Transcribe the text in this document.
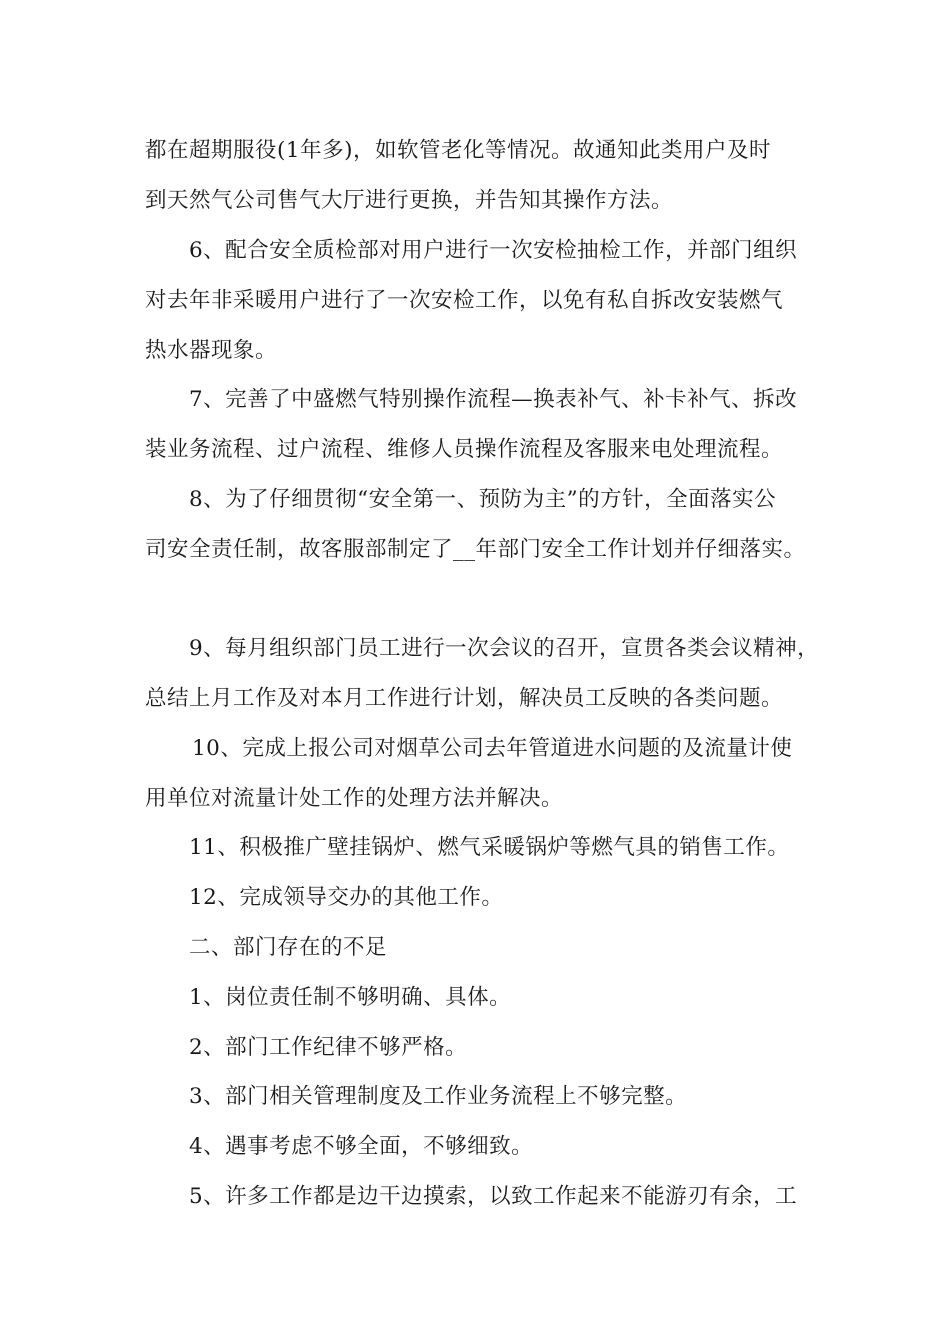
都在超期服役(1年多)，如软管老化等情况。故通知此类用户及时

到天然气公司售气大厅进行更换，并告知其操作方法。

6、配合安全质检部对用户进行一次安检抽检工作，并部门组织

对去年非采暖用户进行了一次安检工作，以免有私自拆改安装燃气

热水器现象。

7、完善了中盛燃气特别操作流程—换表补气、补卡补气、拆改

装业务流程、过户流程、维修人员操作流程及客服来电处理流程。

8、为了仔细贯彻“安全第一、预防为主”的方针，全面落实公

司安全责任制，故客服部制定了__年部门安全工作计划并仔细落实。

9、每月组织部门员工进行一次会议的召开，宣贯各类会议精神，

总结上月工作及对本月工作进行计划，解决员工反映的各类问题。

10、完成上报公司对烟草公司去年管道进水问题的及流量计使

用单位对流量计处工作的处理方法并解决。

11、积极推广壁挂锅炉、燃气采暖锅炉等燃气具的销售工作。

12、完成领导交办的其他工作。

二、部门存在的不足

1、岗位责任制不够明确、具体。

2、部门工作纪律不够严格。

3、部门相关管理制度及工作业务流程上不够完整。

4、遇事考虑不够全面，不够细致。

5、许多工作都是边干边摸索，以致工作起来不能游刃有余，工
